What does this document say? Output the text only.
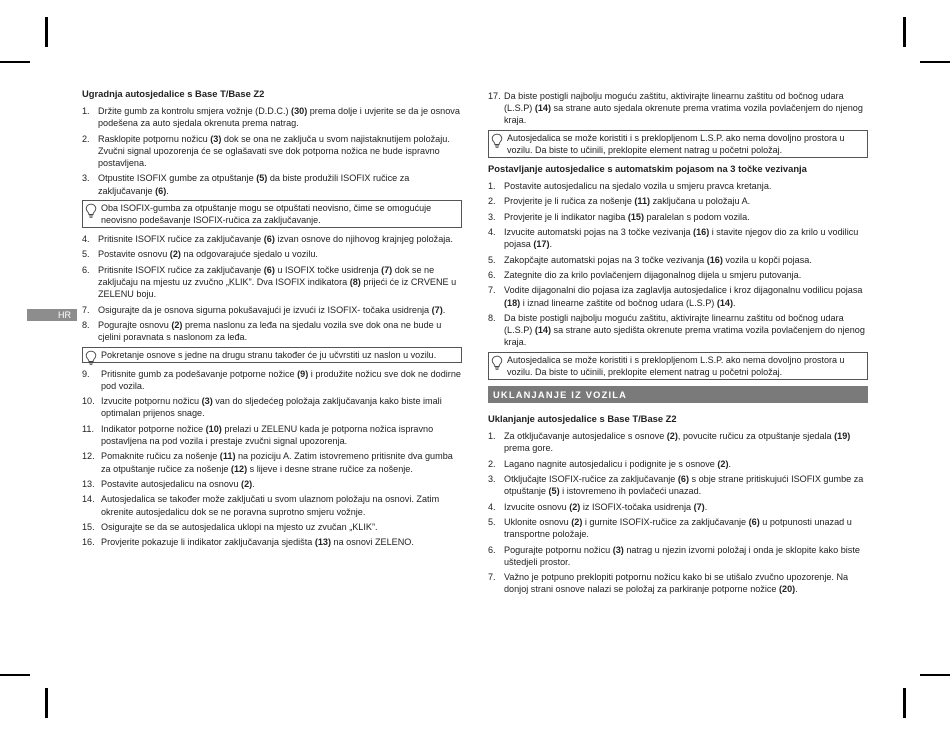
HR
Ugradnja autosjedalice s Base T/Base Z2
1. Držite gumb za kontrolu smjera vožnje (D.D.C.) (30) prema dolje i uvjerite se da je osnova podešena za auto sjedala okrenuta prema natrag.
2. Rasklopite potpornu nožicu (3) dok se ona ne zaključa u svom najistaknutijem položaju. Zvučni signal upozorenja će se oglašavati sve dok potporna nožica ne bude ispravno postavljena.
3. Otpustite ISOFIX gumbe za otpuštanje (5) da biste produžili ISOFIX ručice za zaključavanje (6).
Oba ISOFIX-gumba za otpuštanje mogu se otpuštati neovisno, čime se omogućuje neovisno podešavanje ISOFIX-ručica za zaključavanje.
4. Pritisnite ISOFIX ručice za zaključavanje (6) izvan osnove do njihovog krajnjeg položaja.
5. Postavite osnovu (2) na odgovarajuće sjedalo u vozilu.
6. Pritisnite ISOFIX ručice za zaključavanje (6) u ISOFIX točke usidrenja (7) dok se ne zaključaju na mjestu uz zvučno „KLIK”. Dva ISOFIX indikatora (8) prijeći će iz CRVENE u ZELENU boju.
7. Osigurajte da je osnova sigurna pokušavajući je izvući iz ISOFIX- točaka usidrenja (7).
8. Pogurajte osnovu (2) prema naslonu za leđa na sjedalu vozila sve dok ona ne bude u cjelini poravnata s naslonom za leđa.
Pokretanje osnove s jedne na drugu stranu također će ju učvrstiti uz naslon u vozilu.
9. Pritisnite gumb za podešavanje potporne nožice (9) i produžite nožicu sve dok ne dodirne pod vozila.
10. Izvucite potpornu nožicu (3) van do sljedećeg položaja zaključavanja kako biste imali optimalan prijenos snage.
11. Indikator potporne nožice (10) prelazi u ZELENU kada je potporna nožica ispravno postavljena na pod vozila i prestaje zvučni signal upozorenja.
12. Pomaknite ručicu za nošenje (11) na poziciju A. Zatim istovremeno pritisnite dva gumba za otpuštanje ručice za nošenje (12) s lijeve i desne strane ručice za nošenje.
13. Postavite autosjedalicu na osnovu (2).
14. Autosjedalica se također može zaključati u svom ulaznom položaju na osnovi. Zatim okrenite autosjedalicu dok se ne poravna suprotno smjeru vožnje.
15. Osigurajte se da se autosjedalica uklopi na mjesto uz zvučan „KLIK”.
16. Provjerite pokazuje li indikator zaključavanja sjedišta (13) na osnovi ZELENO.
17. Da biste postigli najbolju moguću zaštitu, aktivirajte linearnu zaštitu od bočnog udara (L.S.P) (14) sa strane auto sjedala okrenute prema vratima vozila povlačenjem do njenog kraja.
Autosjedalica se može koristiti i s preklopljenom L.S.P. ako nema dovoljno prostora u vozilu. Da biste to učinili, preklopite element natrag u početni položaj.
Postavljanje autosjedalice s automatskim pojasom na 3 točke vezivanja
1. Postavite autosjedalicu na sjedalo vozila u smjeru pravca kretanja.
2. Provjerite je li ručica za nošenje (11) zaključana u položaju A.
3. Provjerite je li indikator nagiba (15) paralelan s podom vozila.
4. Izvucite automatski pojas na 3 točke vezivanja (16) i stavite njegov dio za krilo u vodilicu pojasa (17).
5. Zakopčajte automatski pojas na 3 točke vezivanja (16) vozila u kopči pojasa.
6. Zategnite dio za krilo povlačenjem dijagonalnog dijela u smjeru putovanja.
7. Vodite dijagonalni dio pojasa iza zaglavlja autosjedalice i kroz dijagonalnu vodilicu pojasa (18) i iznad linearne zaštite od bočnog udara (L.S.P) (14).
8. Da biste postigli najbolju moguću zaštitu, aktivirajte linearnu zaštitu od bočnog udara (L.S.P) (14) sa strane auto sjedišta okrenute prema vratima vozila povlačenjem do njenog kraja.
Autosjedalica se može koristiti i s preklopljenom L.S.P. ako nema dovoljno prostora u vozilu. Da biste to učinili, preklopite element natrag u početni položaj.
UKLANJANJE IZ VOZILA
Uklanjanje autosjedalice s Base T/Base Z2
1. Za otključavanje autosjedalice s osnove (2), povucite ručicu za otpuštanje sjedala (19) prema gore.
2. Lagano nagnite autosjedalicu i podignite je s osnove (2).
3. Otključajte ISOFIX-ručice za zaključavanje (6) s obje strane pritiskujući ISOFIX gumbe za otpuštanje (5) i istovremeno ih povlačeći unazad.
4. Izvucite osnovu (2) iz ISOFIX-točaka usidrenja (7).
5. Uklonite osnovu (2) i gurnite ISOFIX-ručice za zaključavanje (6) u potpunosti unazad u transportne položaje.
6. Pogurajte potpornu nožicu (3) natrag u njezin izvorni položaj i onda je sklopite kako biste uštedjeli prostor.
7. Važno je potpuno preklopiti potpornu nožicu kako bi se utišalo zvučno upozorenje. Na donjoj strani osnove nalazi se položaj za parkiranje potporne nožice (20).
